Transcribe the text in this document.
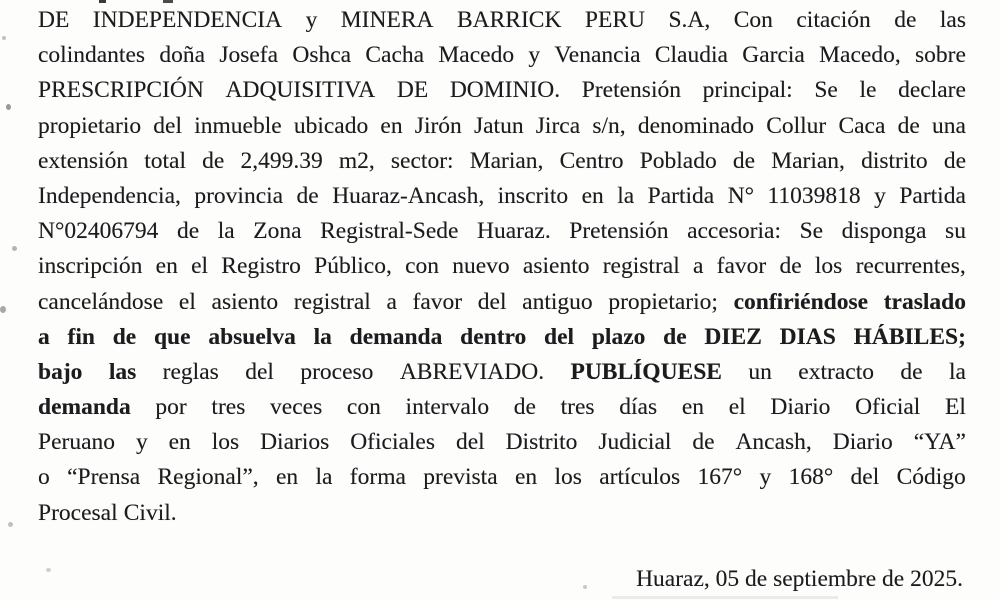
DE INDEPENDENCIA y MINERA BARRICK PERU S.A, Con citación de las
colindantes doña Josefa Oshca Cacha Macedo y Venancia Claudia Garcia Macedo, sobre
PRESCRIPCIÓN ADQUISITIVA DE DOMINIO. Pretensión principal: Se le declare
propietario del inmueble ubicado en Jirón Jatun Jirca s/n, denominado Collur Caca de una
extensión total de 2,499.39 m2, sector: Marian, Centro Poblado de Marian, distrito de
Independencia, provincia de Huaraz-Ancash, inscrito en la Partida N° 11039818 y Partida
N°02406794 de la Zona Registral-Sede Huaraz. Pretensión accesoria: Se disponga su
inscripción en el Registro Público, con nuevo asiento registral a favor de los recurrentes,
cancelándose el asiento registral a favor del antiguo propietario; confiriéndose traslado
a fin de que absuelva la demanda dentro del plazo de DIEZ DIAS HÁBILES;
bajo las reglas del proceso ABREVIADO. PUBLÍQUESE un extracto de la
demanda por tres veces con intervalo de tres días en el Diario Oficial El
Peruano y en los Diarios Oficiales del Distrito Judicial de Ancash, Diario “YA”
o “Prensa Regional”, en la forma prevista en los artículos 167° y 168° del Código
Procesal Civil.
Huaraz, 05 de septiembre de 2025.
